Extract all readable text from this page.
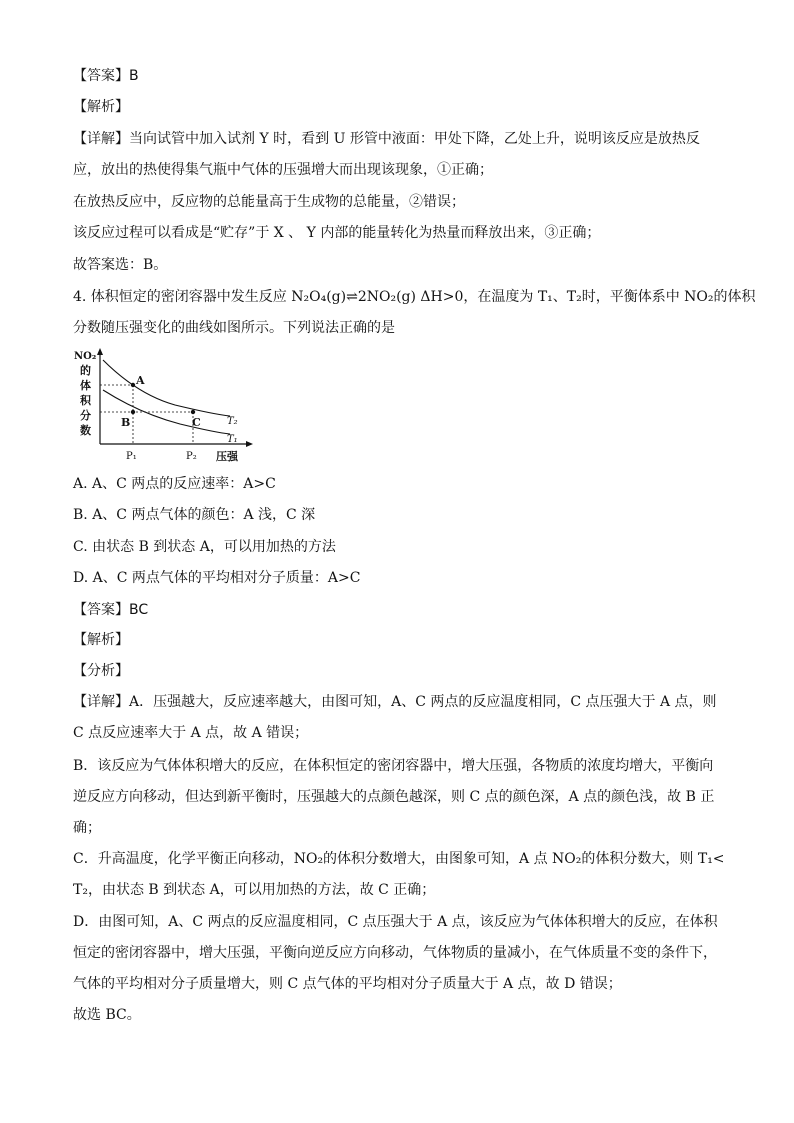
【答案】B
【解析】
【详解】当向试管中加入试剂 Y 时，看到 U 形管中液面：甲处下降，乙处上升，说明该反应是放热反
应，放出的热使得集气瓶中气体的压强增大而出现该现象，①正确；
在放热反应中，反应物的总能量高于生成物的总能量，②错误；
该反应过程可以看成是“贮存”于 X 、 Y 内部的能量转化为热量而释放出来，③正确；
故答案选：B。
4. 体积恒定的密闭容器中发生反应 N₂O₄(g)⇌2NO₂(g) ΔH>0，在温度为 T₁、T₂时，平衡体系中 NO₂的体积
分数随压强变化的曲线如图所示。下列说法正确的是
NO₂
的
体
积
分
数
A
B	C	T₂
T₁
P₁	P₂ 压强
A. A、C 两点的反应速率：A>C
B. A、C 两点气体的颜色：A 浅，C 深
C. 由状态 B 到状态 A，可以用加热的方法
D. A、C 两点气体的平均相对分子质量：A>C
【答案】BC
【解析】
【分析】
【详解】A．压强越大，反应速率越大，由图可知，A、C 两点的反应温度相同，C 点压强大于 A 点，则
C 点反应速率大于 A 点，故 A 错误；
B．该反应为气体体积增大的反应，在体积恒定的密闭容器中，增大压强，各物质的浓度均增大，平衡向
逆反应方向移动，但达到新平衡时，压强越大的点颜色越深，则 C 点的颜色深，A 点的颜色浅，故 B 正
确；
C．升高温度，化学平衡正向移动，NO₂的体积分数增大，由图象可知，A 点 NO₂的体积分数大，则 T₁<
T₂，由状态 B 到状态 A，可以用加热的方法，故 C 正确；
D．由图可知，A、C 两点的反应温度相同，C 点压强大于 A 点，该反应为气体体积增大的反应，在体积
恒定的密闭容器中，增大压强，平衡向逆反应方向移动，气体物质的量减小，在气体质量不变的条件下，
气体的平均相对分子质量增大，则 C 点气体的平均相对分子质量大于 A 点，故 D 错误；
故选 BC。
